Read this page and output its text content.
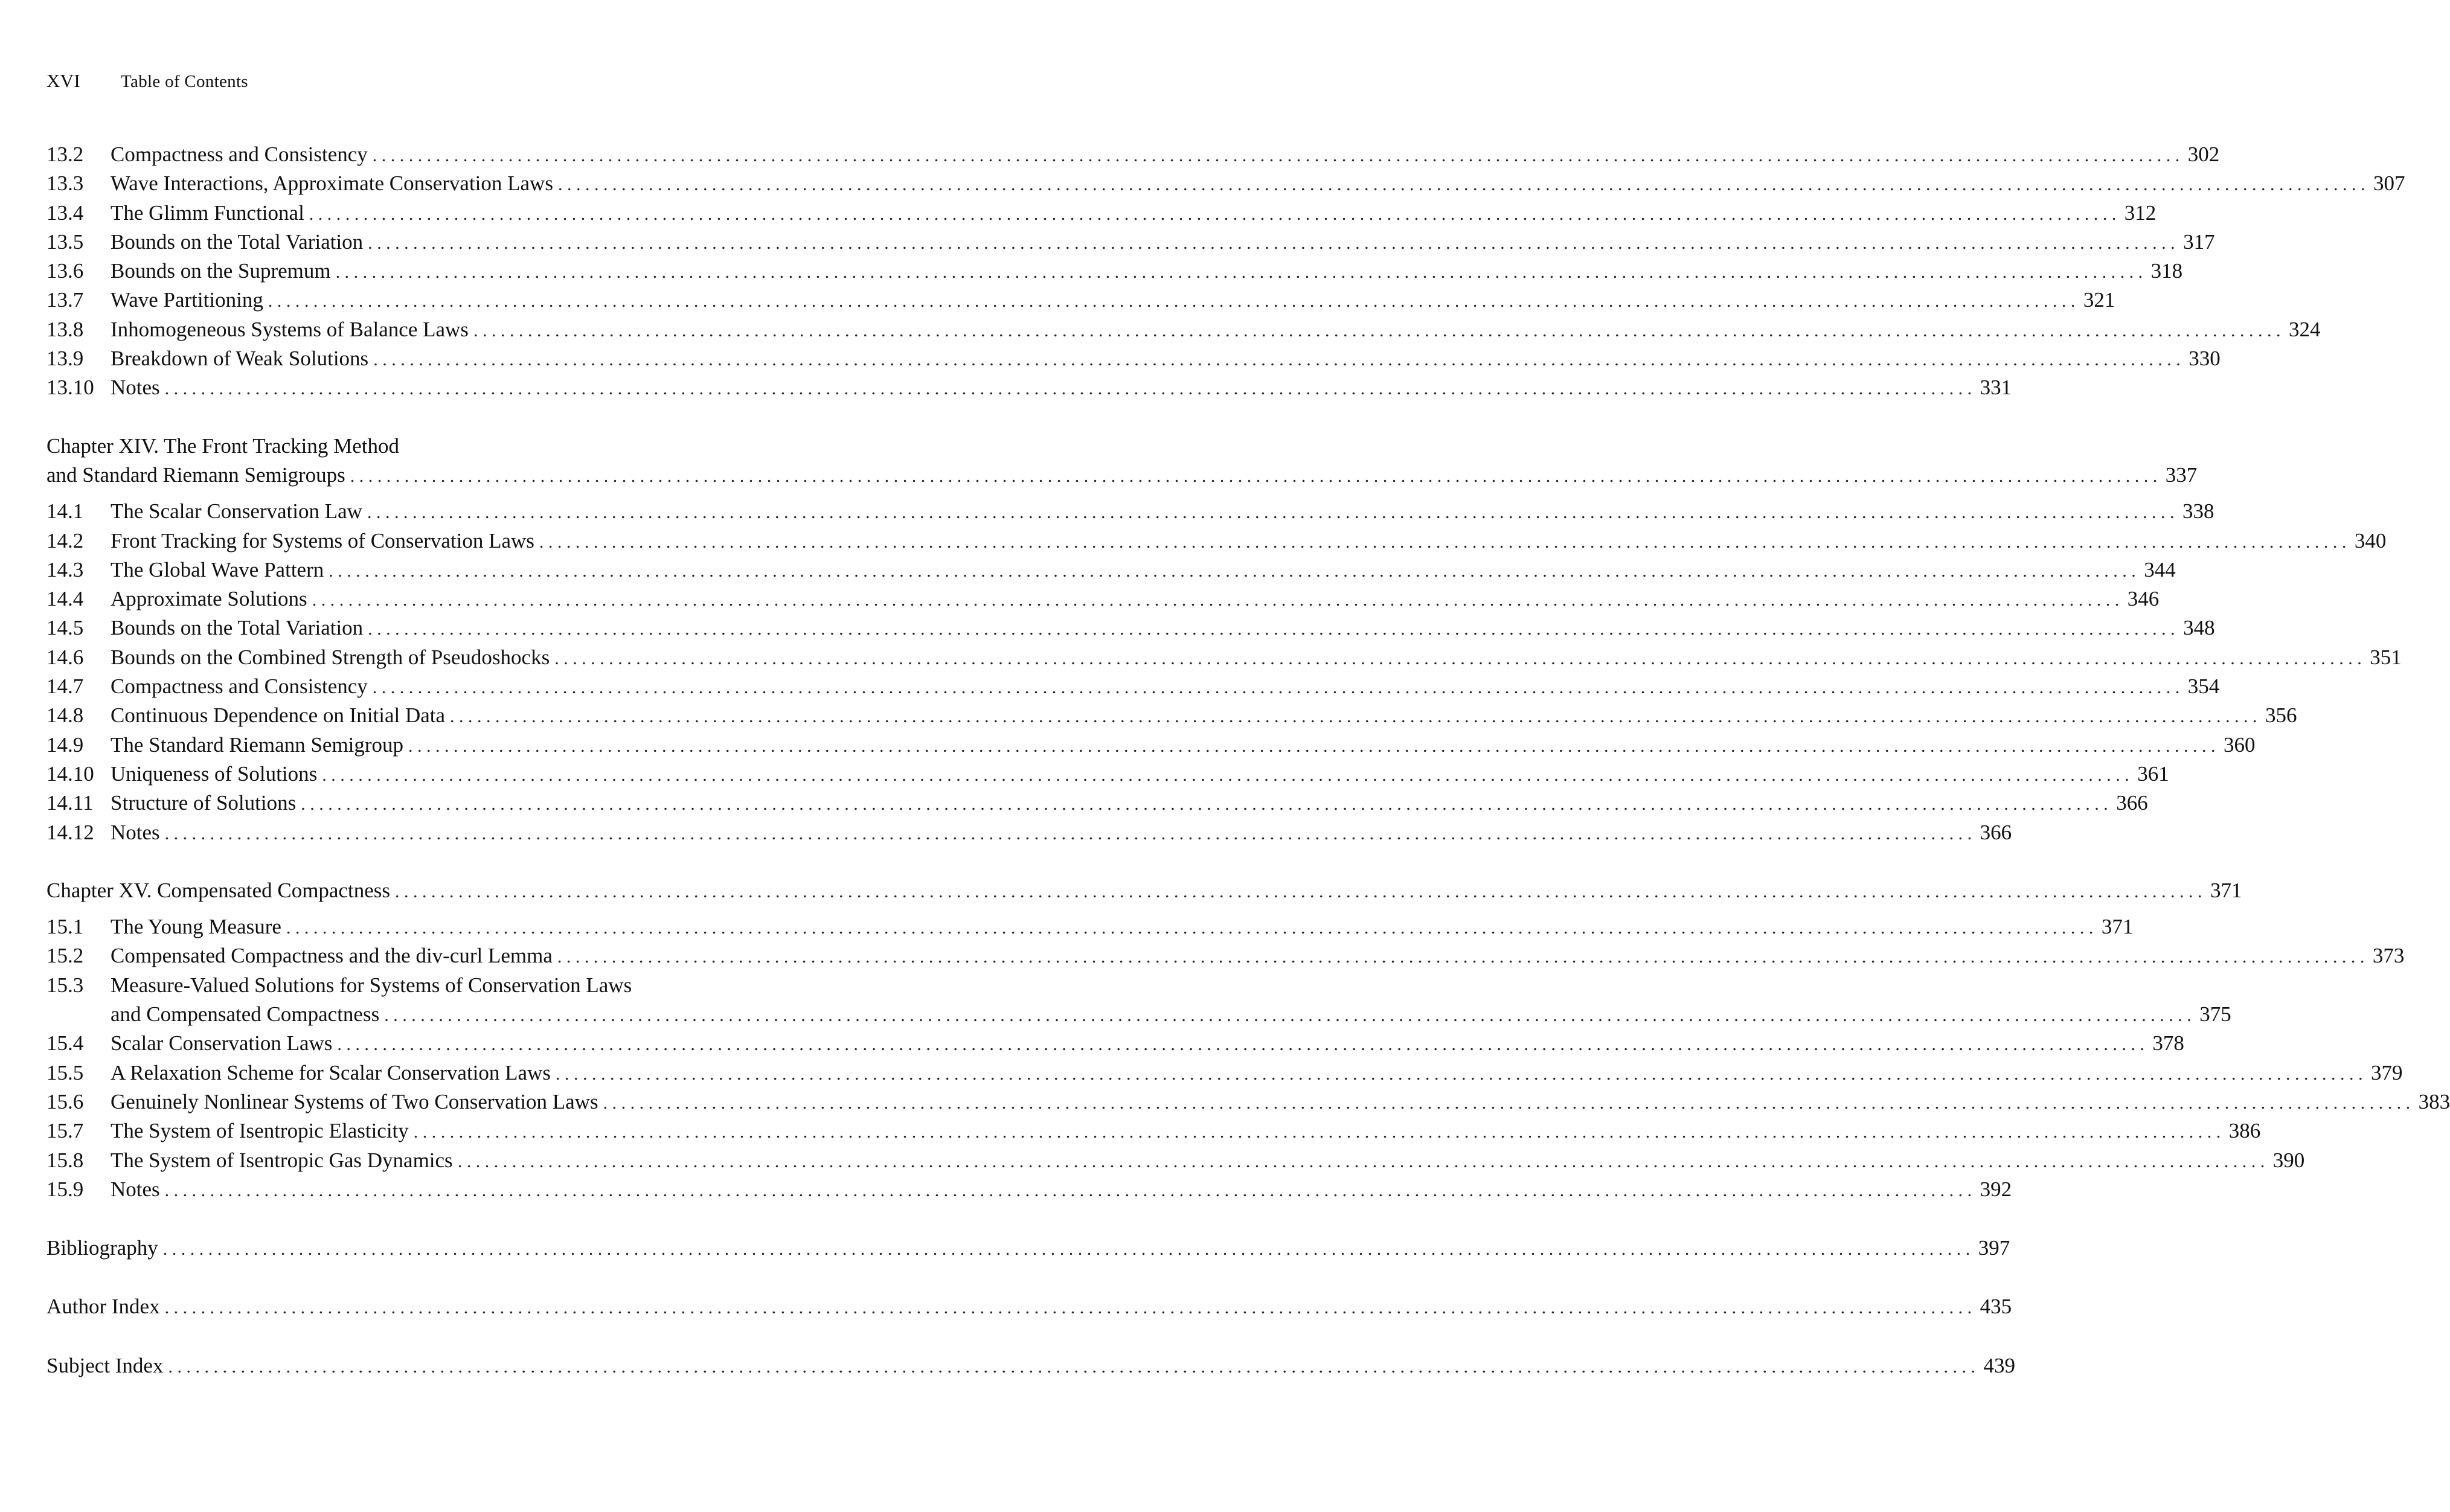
XVI Table of Contents
13.2	Compactness and Consistency . . .	302
13.3	Wave Interactions, Approximate Conservation Laws . . .	307
13.4	The Glimm Functional . . .	312
13.5	Bounds on the Total Variation . . .	317
13.6	Bounds on the Supremum . . .	318
13.7	Wave Partitioning . . .	321
13.8	Inhomogeneous Systems of Balance Laws . . .	324
13.9	Breakdown of Weak Solutions . . .	330
13.10 Notes . . .	331
Chapter XIV. The Front Tracking Method
and Standard Riemann Semigroups . . .	337
14.1	The Scalar Conservation Law . . .	338
14.2	Front Tracking for Systems of Conservation Laws . . .	340
14.3	The Global Wave Pattern . . .	344
14.4	Approximate Solutions . . .	346
14.5	Bounds on the Total Variation . . .	348
14.6	Bounds on the Combined Strength of Pseudoshocks . . .	351
14.7	Compactness and Consistency . . .	354
14.8	Continuous Dependence on Initial Data . . .	356
14.9	The Standard Riemann Semigroup . . .	360
14.10 Uniqueness of Solutions . . .	361
14.11 Structure of Solutions . . .	366
14.12 Notes . . .	366
Chapter XV. Compensated Compactness . . .	371
15.1	The Young Measure . . .	371
15.2	Compensated Compactness and the div-curl Lemma . . .	373
15.3	Measure-Valued Solutions for Systems of Conservation Laws
and Compensated Compactness . . .	375
15.4	Scalar Conservation Laws . . .	378
15.5	A Relaxation Scheme for Scalar Conservation Laws . . .	379
15.6	Genuinely Nonlinear Systems of Two Conservation Laws . . .	383
15.7	The System of Isentropic Elasticity . . .	386
15.8	The System of Isentropic Gas Dynamics . . .	390
15.9	Notes . . .	392
Bibliography . . .	397
Author Index . . .	435
Subject Index . . .	439
